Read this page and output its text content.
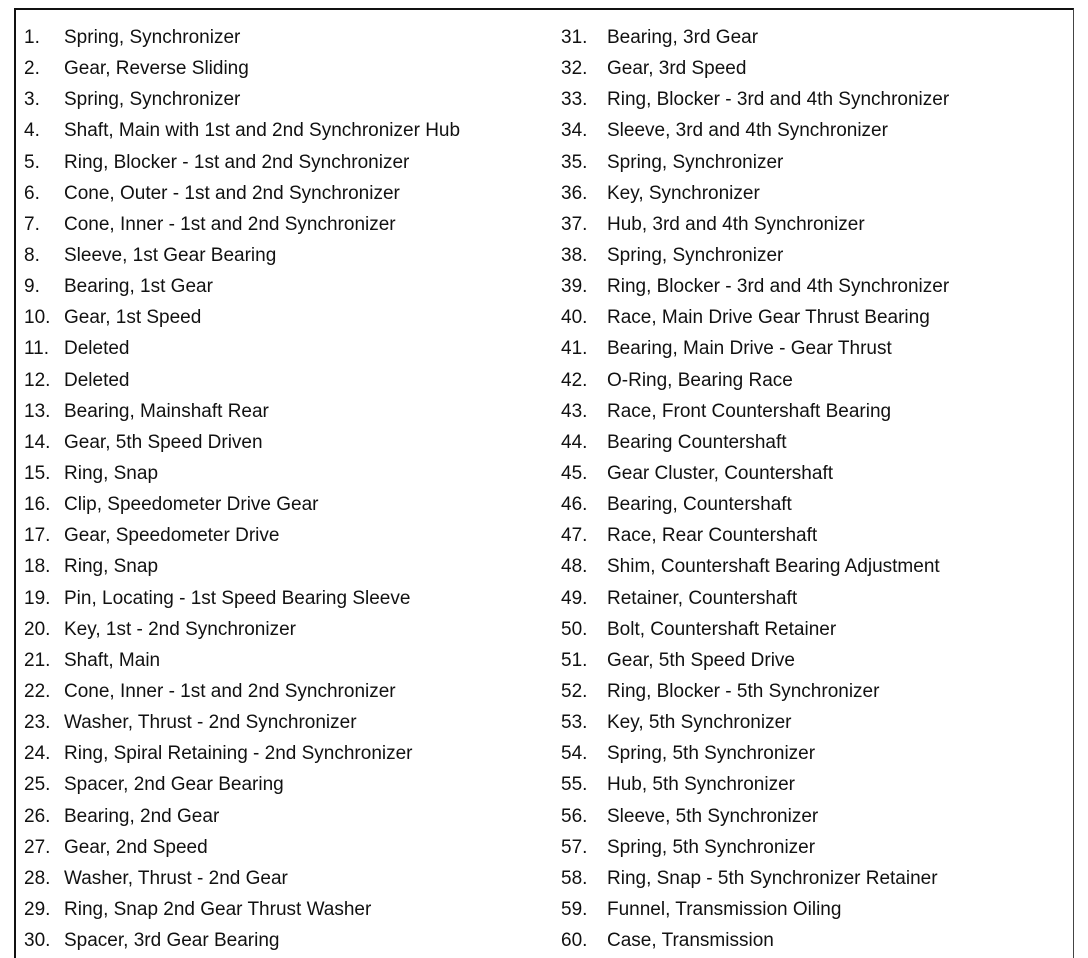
1.	Spring, Synchronizer
2.	Gear, Reverse Sliding
3.	Spring, Synchronizer
4.	Shaft, Main with 1st and 2nd Synchronizer Hub
5.	Ring, Blocker - 1st and 2nd Synchronizer
6.	Cone, Outer - 1st and 2nd Synchronizer
7.	Cone, Inner - 1st and 2nd Synchronizer
8.	Sleeve, 1st Gear Bearing
9.	Bearing, 1st Gear
10. Gear, 1st Speed
11. Deleted
12. Deleted
13. Bearing, Mainshaft Rear
14. Gear, 5th Speed Driven
15. Ring, Snap
16. Clip, Speedometer Drive Gear
17. Gear, Speedometer Drive
18. Ring, Snap
19. Pin, Locating - 1st Speed Bearing Sleeve
20. Key, 1st - 2nd Synchronizer
21. Shaft, Main
22. Cone, Inner - 1st and 2nd Synchronizer
23. Washer, Thrust - 2nd Synchronizer
24. Ring, Spiral Retaining - 2nd Synchronizer
25. Spacer, 2nd Gear Bearing
26. Bearing, 2nd Gear
27. Gear, 2nd Speed
28. Washer, Thrust - 2nd Gear
29. Ring, Snap 2nd Gear Thrust Washer
30. Spacer, 3rd Gear Bearing
31.	Bearing, 3rd Gear
32.	Gear, 3rd Speed
33.	Ring, Blocker - 3rd and 4th Synchronizer
34.	Sleeve, 3rd and 4th Synchronizer
35.	Spring, Synchronizer
36.	Key, Synchronizer
37.	Hub, 3rd and 4th Synchronizer
38.	Spring, Synchronizer
39.	Ring, Blocker - 3rd and 4th Synchronizer
40.	Race, Main Drive Gear Thrust Bearing
41.	Bearing, Main Drive - Gear Thrust
42.	O-Ring, Bearing Race
43.	Race, Front Countershaft Bearing
44.	Bearing Countershaft
45.	Gear Cluster, Countershaft
46.	Bearing, Countershaft
47.	Race, Rear Countershaft
48.	Shim, Countershaft Bearing Adjustment
49.	Retainer, Countershaft
50.	Bolt, Countershaft Retainer
51.	Gear, 5th Speed Drive
52.	Ring, Blocker - 5th Synchronizer
53.	Key, 5th Synchronizer
54.	Spring, 5th Synchronizer
55.	Hub, 5th Synchronizer
56.	Sleeve, 5th Synchronizer
57.	Spring, 5th Synchronizer
58.	Ring, Snap - 5th Synchronizer Retainer
59.	Funnel, Transmission Oiling
60.	Case, Transmission
